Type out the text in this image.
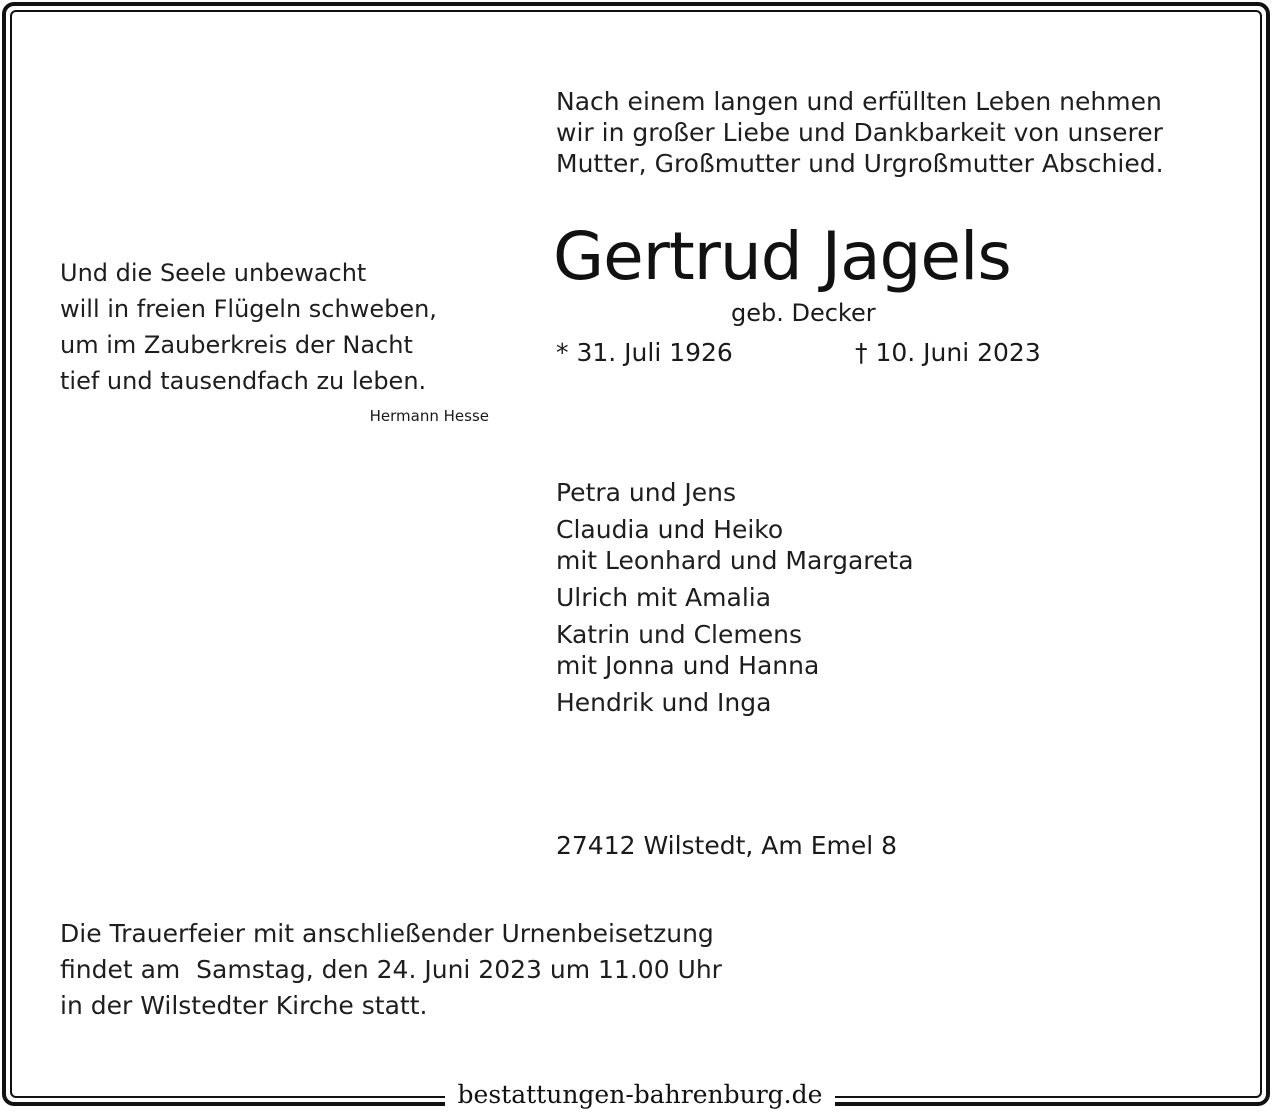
bestattungen-bahrenburg.de
Nach einem langen und erfüllten Leben nehmen
wir in großer Liebe und Dankbarkeit von unserer
Mutter, Großmutter und Urgroßmutter Abschied.
Gertrud Jagels
geb. Decker
* 31. Juli 1926	† 10. Juni 2023
Und die Seele unbewacht
will in freien Flügeln schweben,
um im Zauberkreis der Nacht
tief und tausendfach zu leben.
Hermann Hesse
Petra und Jens
Claudia und Heiko
mit Leonhard und Margareta
Ulrich mit Amalia
Katrin und Clemens
mit Jonna und Hanna
Hendrik und Inga
27412 Wilstedt, Am Emel 8
Die Trauerfeier mit anschließender Urnenbeisetzung
findet am  Samstag, den 24. Juni 2023 um 11.00 Uhr
in der Wilstedter Kirche statt.
